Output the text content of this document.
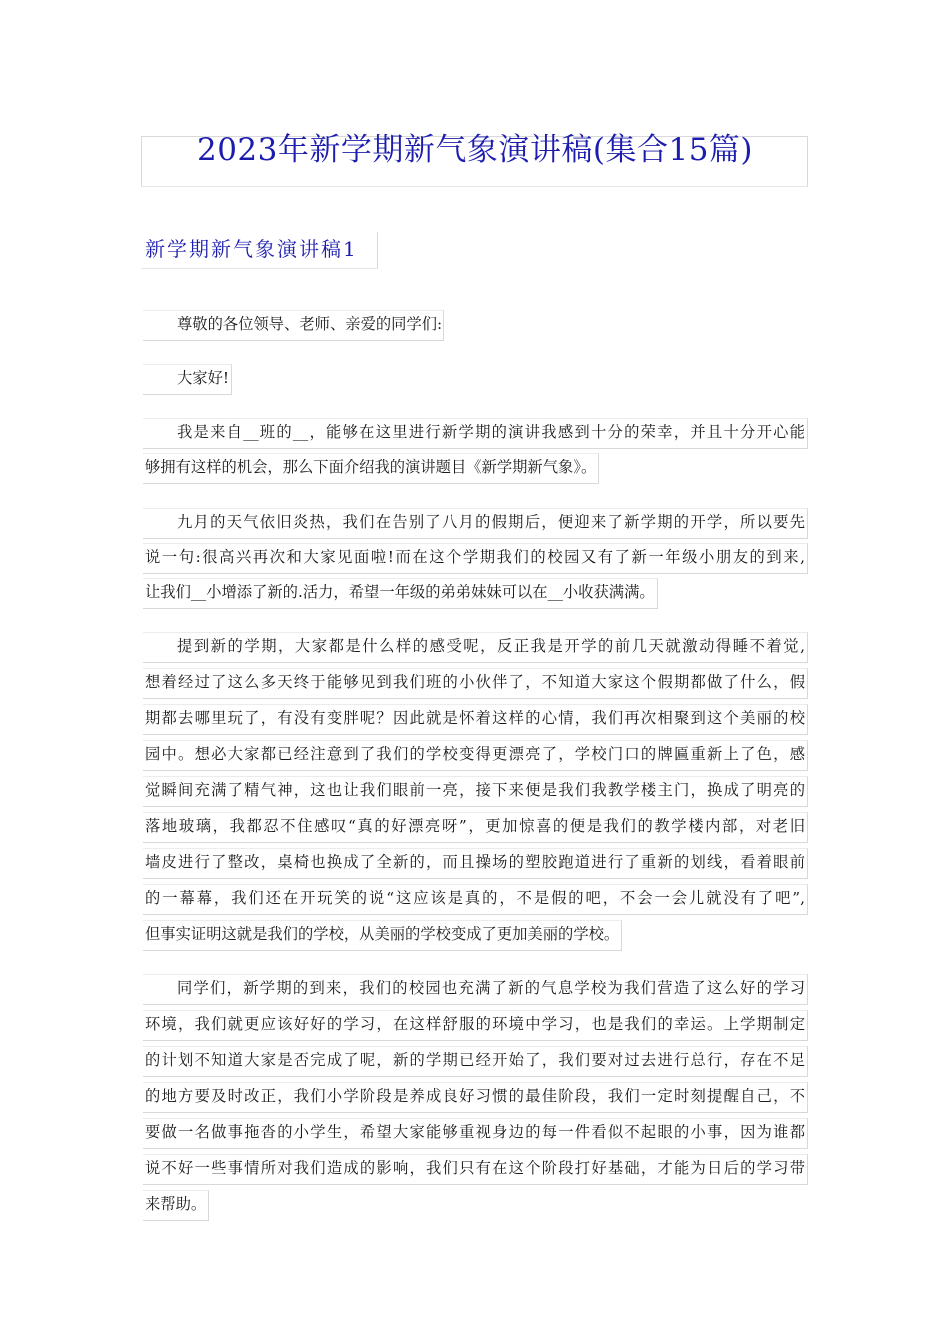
2023年新学期新气象演讲稿(集合15篇)
新学期新气象演讲稿1
尊敬的各位领导、老师、亲爱的同学们:
大家好!
我是来自__班的__，能够在这里进行新学期的演讲我感到十分的荣幸，并且十分开心能
够拥有这样的机会，那么下面介绍我的演讲题目《新学期新气象》。
九月的天气依旧炎热，我们在告别了八月的假期后，便迎来了新学期的开学，所以要先
说一句:很高兴再次和大家见面啦!而在这个学期我们的校园又有了新一年级小朋友的到来,
让我们__小增添了新的.活力，希望一年级的弟弟妹妹可以在__小收获满满。
提到新的学期，大家都是什么样的感受呢，反正我是开学的前几天就激动得睡不着觉,
想着经过了这么多天终于能够见到我们班的小伙伴了，不知道大家这个假期都做了什么，假
期都去哪里玩了，有没有变胖呢？因此就是怀着这样的心情，我们再次相聚到这个美丽的校
园中。想必大家都已经注意到了我们的学校变得更漂亮了，学校门口的牌匾重新上了色，感
觉瞬间充满了精气神，这也让我们眼前一亮，接下来便是我们我教学楼主门，换成了明亮的
落地玻璃，我都忍不住感叹“真的好漂亮呀”，更加惊喜的便是我们的教学楼内部，对老旧
墙皮进行了整改，桌椅也换成了全新的，而且操场的塑胶跑道进行了重新的划线，看着眼前
的一幕幕，我们还在开玩笑的说“这应该是真的，不是假的吧，不会一会儿就没有了吧”,
但事实证明这就是我们的学校，从美丽的学校变成了更加美丽的学校。
同学们，新学期的到来，我们的校园也充满了新的气息学校为我们营造了这么好的学习
环境，我们就更应该好好的学习，在这样舒服的环境中学习，也是我们的幸运。上学期制定
的计划不知道大家是否完成了呢，新的学期已经开始了，我们要对过去进行总行，存在不足
的地方要及时改正，我们小学阶段是养成良好习惯的最佳阶段，我们一定时刻提醒自己，不
要做一名做事拖沓的小学生，希望大家能够重视身边的每一件看似不起眼的小事，因为谁都
说不好一些事情所对我们造成的影响，我们只有在这个阶段打好基础，才能为日后的学习带
来帮助。
